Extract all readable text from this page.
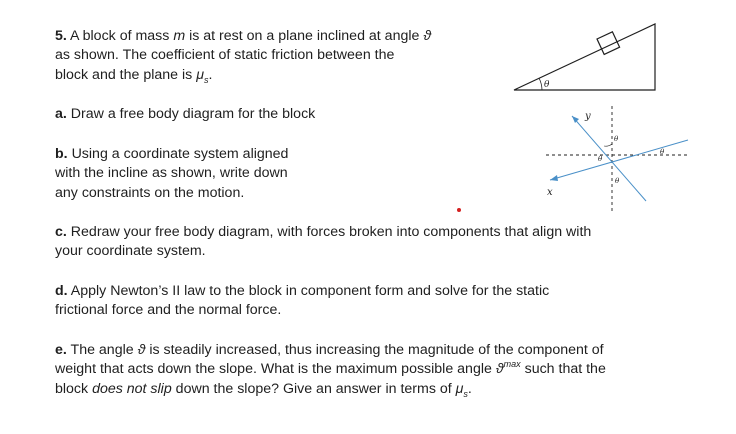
5. A block of mass m is at rest on a plane inclined at angle ϑ
as shown. The coefficient of static friction between the
block and the plane is $\mu_s$.
a. Draw a free body diagram for the block
b. Using a coordinate system aligned
with the incline as shown, write down
any constraints on the motion.
c. Redraw your free body diagram, with forces broken into components that align with
your coordinate system.
d. Apply Newton’s II law to the block in component form and solve for the static
frictional force and the normal force.
e. The angle ϑ is steadily increased, thus increasing the magnitude of the component of
weight that acts down the slope. What is the maximum possible angle $ϑ^{max}$ such that the
block does not slip down the slope? Give an answer in terms of $\mu_s$.
θ
y
x
θ
θ
θ
θ
